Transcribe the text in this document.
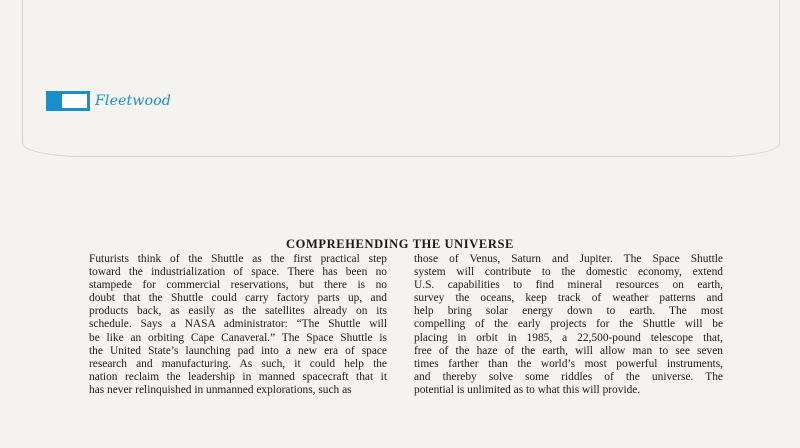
Fleetwood
COMPREHENDING THE UNIVERSE
Futurists think of the Shuttle as the first practical step
toward the industrialization of space. There has been no
stampede for commercial reservations, but there is no
doubt that the Shuttle could carry factory parts up, and
products back, as easily as the satellites already on its
schedule. Says a NASA administrator: “The Shuttle will
be like an orbiting Cape Canaveral.” The Space Shuttle is
the United State’s launching pad into a new era of space
research and manufacturing. As such, it could help the
nation reclaim the leadership in manned spacecraft that it
has never relinquished in unmanned explorations, such as
those of Venus, Saturn and Jupiter. The Space Shuttle
system will contribute to the domestic economy, extend
U.S. capabilities to find mineral resources on earth,
survey the oceans, keep track of weather patterns and
help bring solar energy down to earth. The most
compelling of the early projects for the Shuttle will be
placing in orbit in 1985, a 22,500-pound telescope that,
free of the haze of the earth, will allow man to see seven
times farther than the world’s most powerful instruments,
and thereby solve some riddles of the universe. The
potential is unlimited as to what this will provide.
